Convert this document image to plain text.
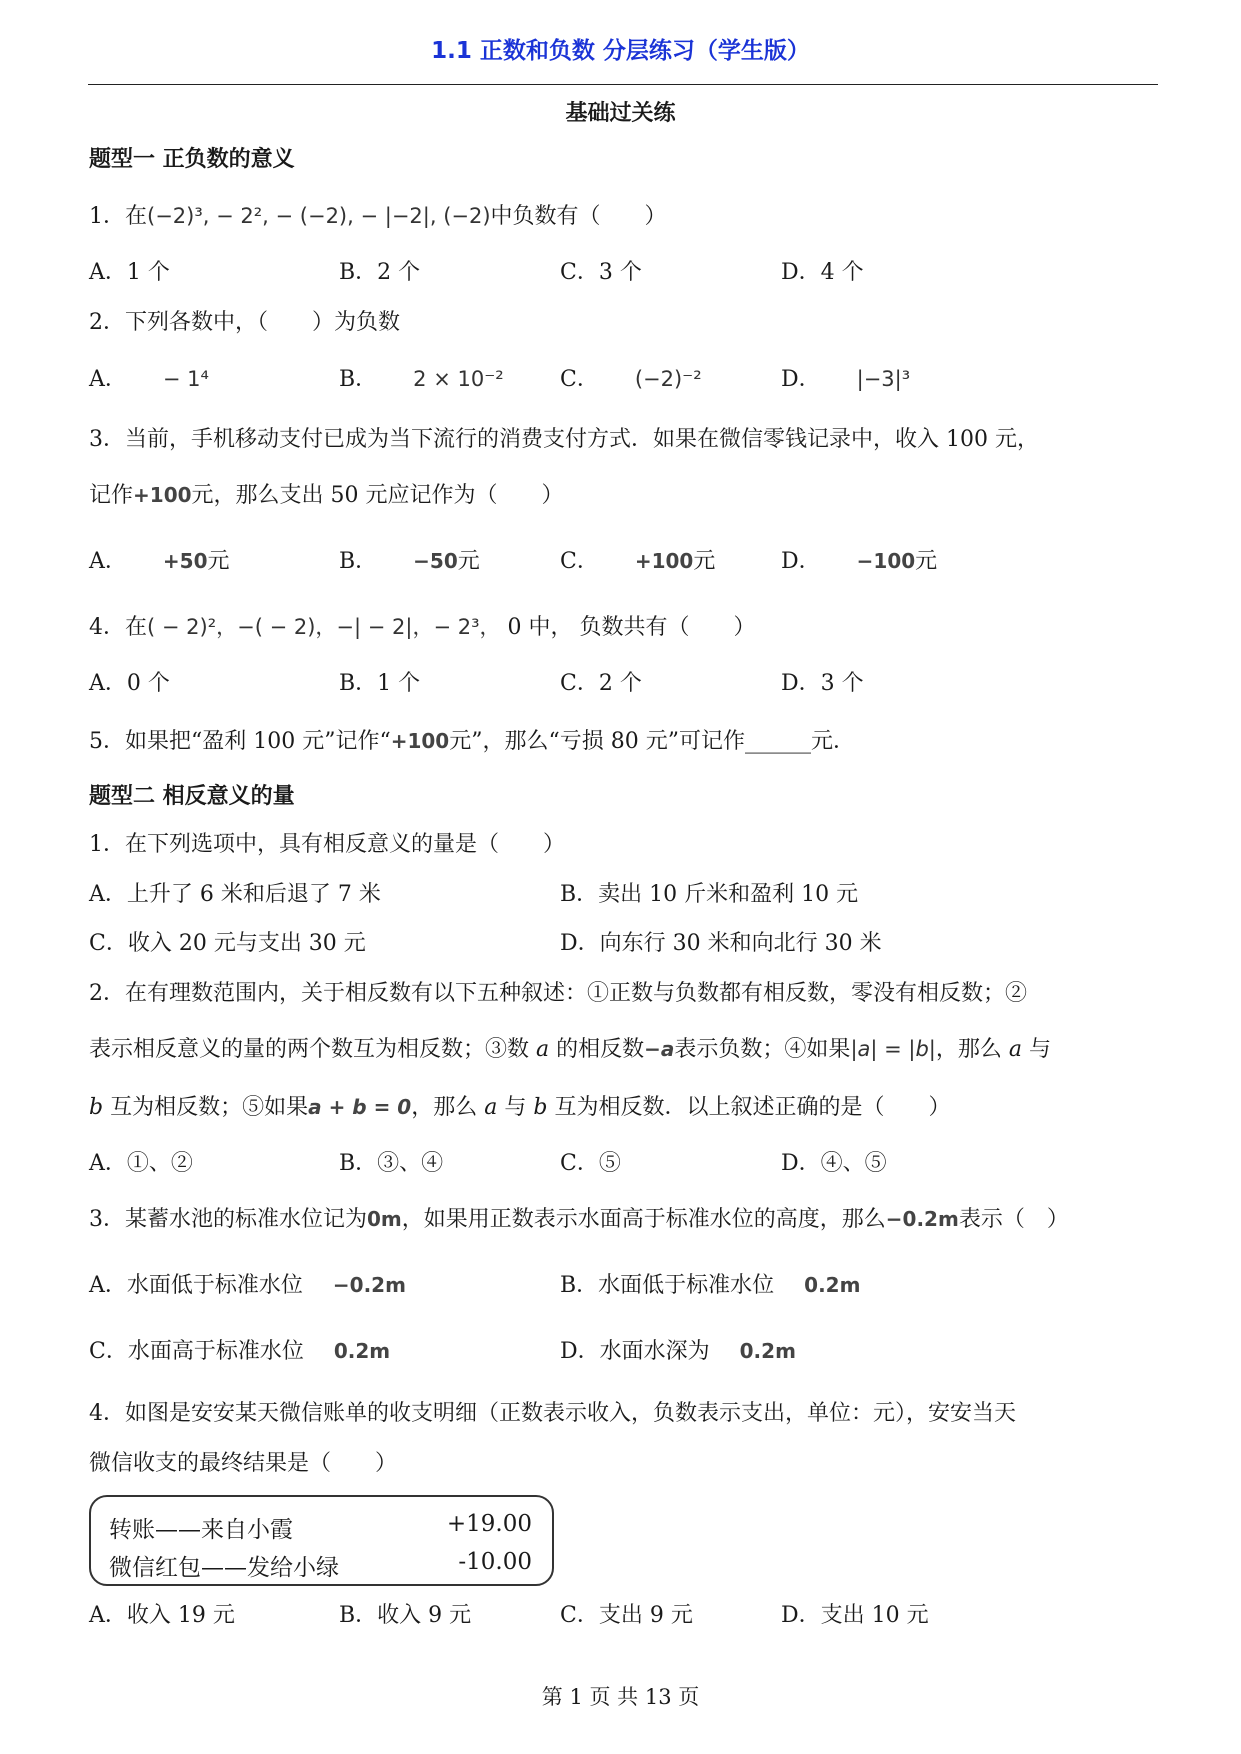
1.1 正数和负数 分层练习（学生版）
基础过关练
题型一 正负数的意义
1．在(−2)³, − 2², − (−2), − |−2|, (−2)中负数有（　　）
A．1 个	B．2 个	C．3 个	D．4 个
2．下列各数中，（　　）为负数
A． − 1⁴	B． 2 × 10⁻²	C． (−2)⁻²	D． |−3|³
3．当前，手机移动支付已成为当下流行的消费支付方式．如果在微信零钱记录中，收入 100 元，
记作+100元，那么支出 50 元应记作为（　　）
A． +50元	B． −50元	C． +100元	D． −100元
4．在( − 2)²，−( − 2)，−| − 2|，− 2³， 0 中， 负数共有（　　）
A．0 个	B．1 个	C．2 个	D．3 个
5．如果把“盈利 100 元”记作“+100元”，那么“亏损 80 元”可记作______元．
题型二 相反意义的量
1．在下列选项中，具有相反意义的量是（　　）
A．上升了 6 米和后退了 7 米	B．卖出 10 斤米和盈利 10 元
C．收入 20 元与支出 30 元	D．向东行 30 米和向北行 30 米
2．在有理数范围内，关于相反数有以下五种叙述：①正数与负数都有相反数，零没有相反数；②
表示相反意义的量的两个数互为相反数；③数 a 的相反数−a表示负数；④如果|a| = |b|，那么 a 与
b 互为相反数；⑤如果a + b = 0，那么 a 与 b 互为相反数．以上叙述正确的是（　　）
A．①、②	B．③、④	C．⑤	D．④、⑤
3．某蓄水池的标准水位记为0m，如果用正数表示水面高于标准水位的高度，那么−0.2m表示（　）
A．水面低于标准水位 −0.2m	B．水面低于标准水位 0.2m
C．水面高于标准水位 0.2m	D．水面水深为 0.2m
4．如图是安安某天微信账单的收支明细（正数表示收入，负数表示支出，单位：元），安安当天
微信收支的最终结果是（　　）
转账——来自小霞	+19.00
微信红包——发给小绿	-10.00
A．收入 19 元	B．收入 9 元	C．支出 9 元	D．支出 10 元
第 1 页 共 13 页
